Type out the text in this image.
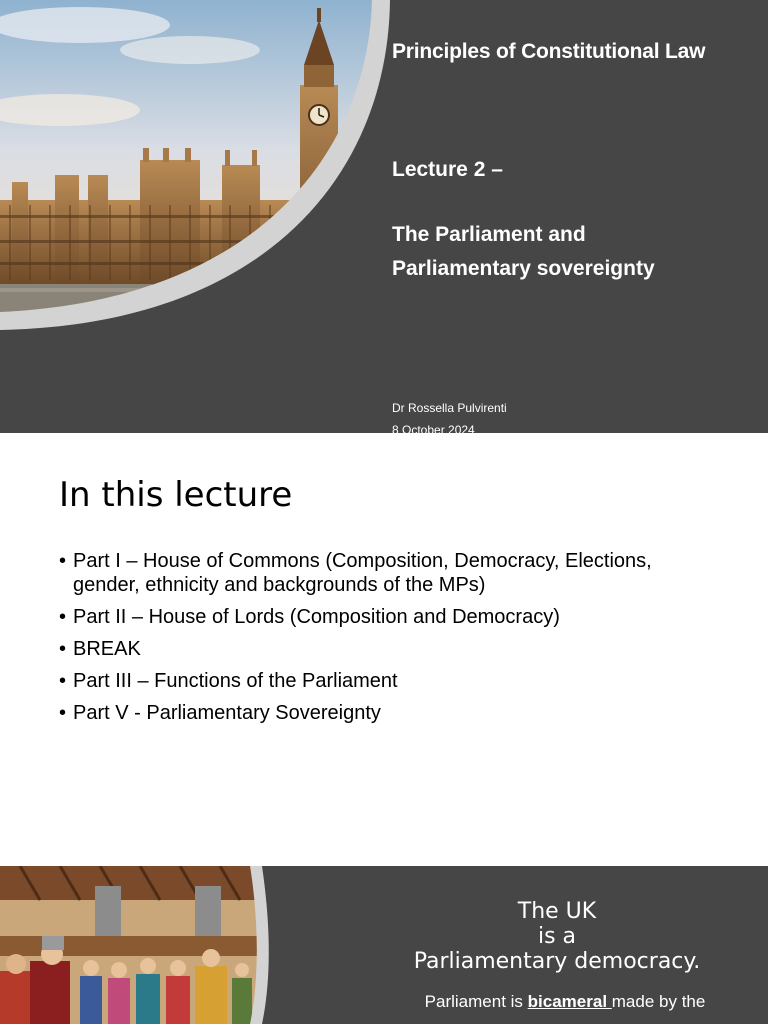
Principles of Constitutional Law
Lecture 2 –
The Parliament and
Parliamentary sovereignty
Dr Rossella Pulvirenti
8 October 2024
In this lecture
• Part I – House of Commons (Composition, Democracy, Elections, gender, ethnicity and backgrounds of the MPs)
• Part II – House of Lords (Composition and Democracy)
• BREAK
• Part III – Functions of the Parliament
• Part V - Parliamentary Sovereignty
The UK
is a
Parliamentary democracy.
Parliament is bicameral made by the
